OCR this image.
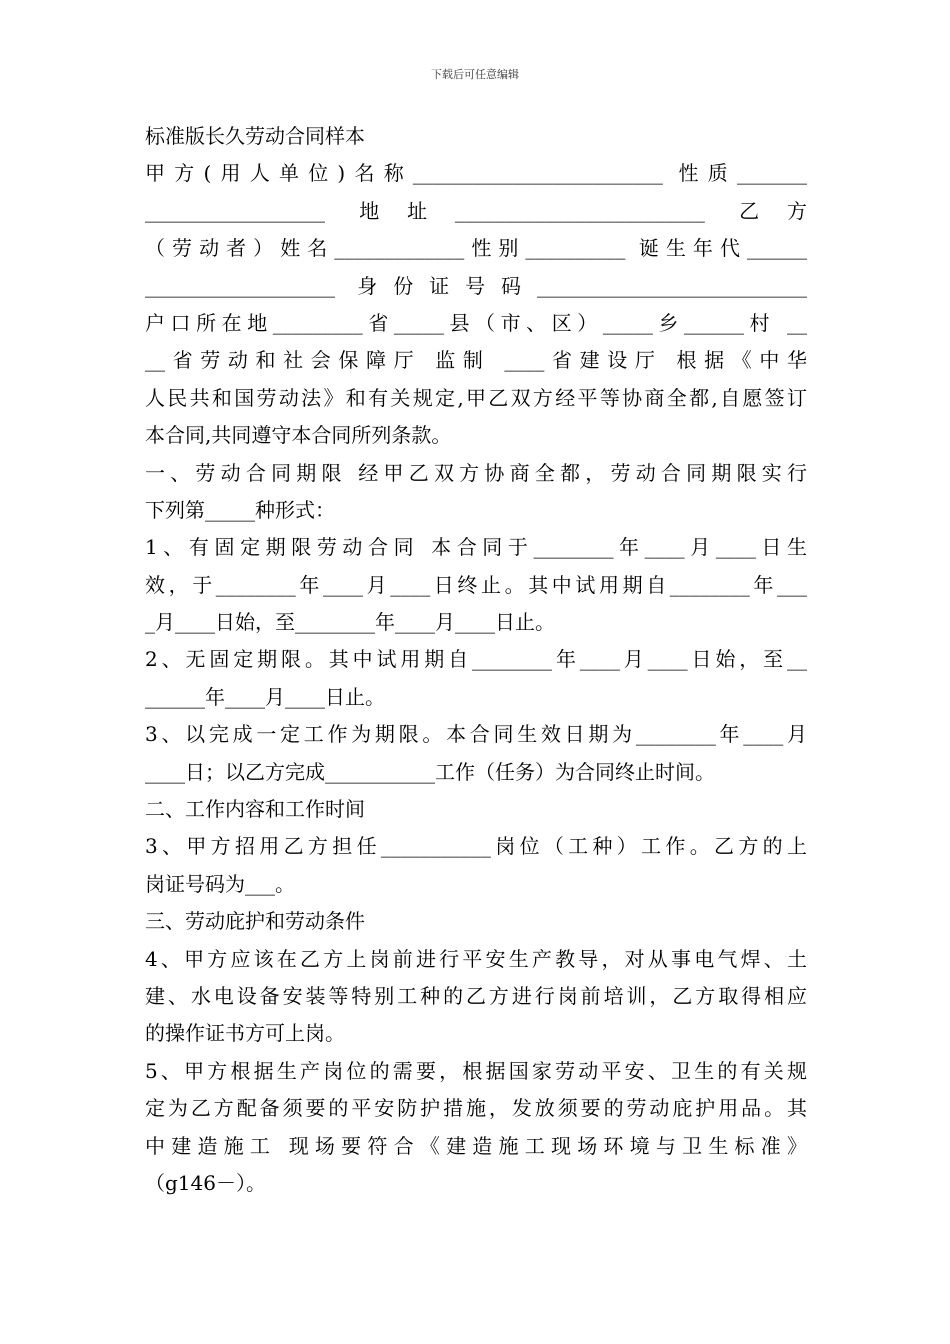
下载后可任意编辑
标准版长久劳动合同样本
甲方(用人单位)名称_________________________ 性质_______
__________________ 地址_________________________ 乙方
（劳动者）姓名_____________性别__________ 诞生年代______
___________________ 身份证号码___________________________
户口所在地_________省_____县（市、区）_____乡______村 __
__省劳动和社会保障厅 监制 ____省建设厅 根据《中华
人民共和国劳动法》和有关规定,甲乙双方经平等协商全都,自愿签订
本合同,共同遵守本合同所列条款。
一、劳动合同期限 经甲乙双方协商全都，劳动合同期限实行
下列第_____种形式：
1、有固定期限劳动合同 本合同于________年____月____日生
效，于________年____月____日终止。其中试用期自________年___
_月____日始，至________年____月____日止。
2、无固定期限。其中试用期自________年____月____日始，至__
______年____月____日止。
3、以完成一定工作为期限。本合同生效日期为________年____月
____日；以乙方完成___________工作（任务）为合同终止时间。
二、工作内容和工作时间
3、甲方招用乙方担任___________岗位（工种）工作。乙方的上
岗证号码为___。
三、劳动庇护和劳动条件
4、甲方应该在乙方上岗前进行平安生产教导，对从事电气焊、土
建、水电设备安装等特别工种的乙方进行岗前培训，乙方取得相应
的操作证书方可上岗。
5、甲方根据生产岗位的需要，根据国家劳动平安、卫生的有关规
定为乙方配备须要的平安防护措施，发放须要的劳动庇护用品。其
中建造施工 现场要符合《建造施工现场环境与卫生标准》
（g146－）。
